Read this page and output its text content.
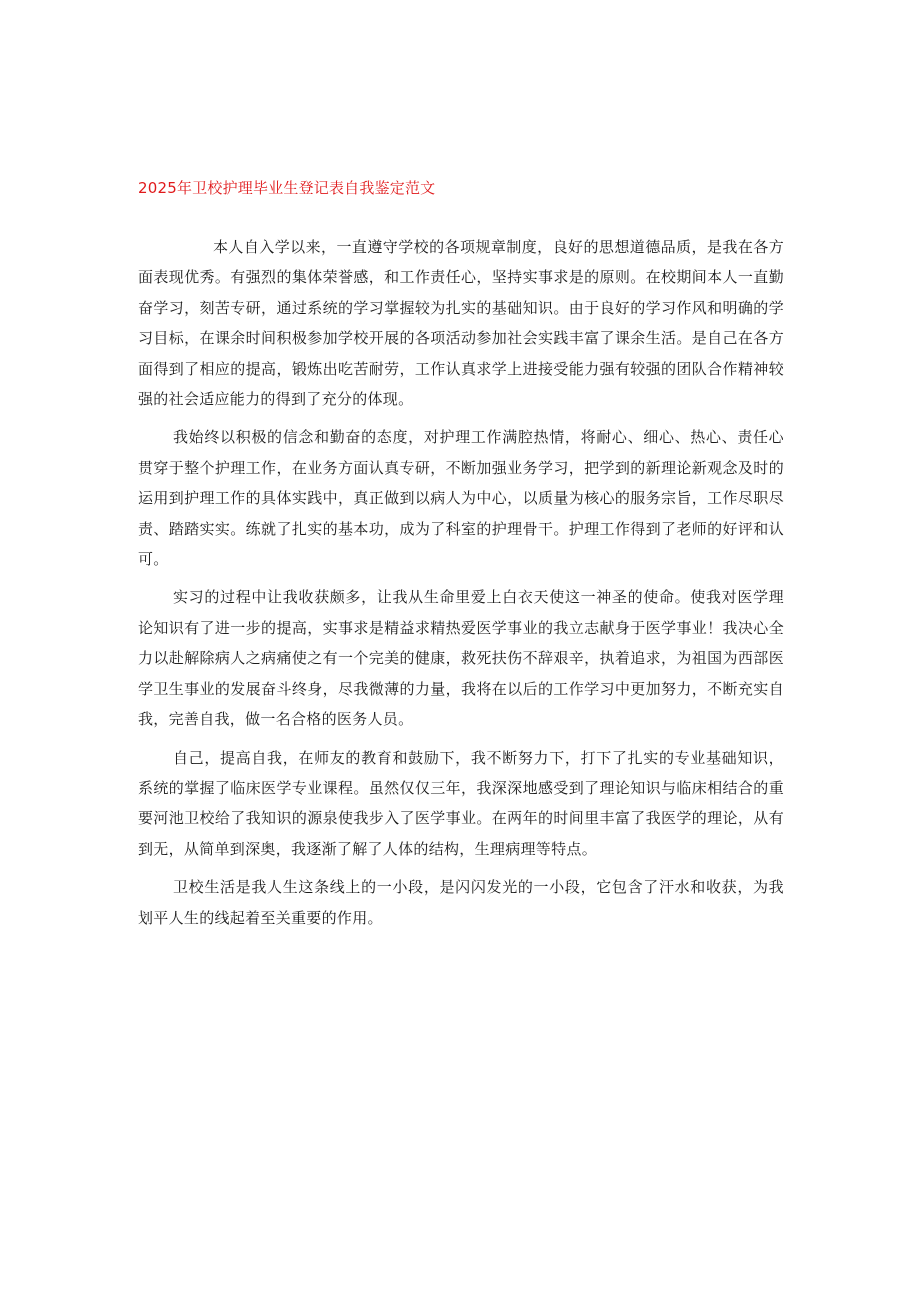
2025年卫校护理毕业生登记表自我鉴定范文

本人自入学以来，一直遵守学校的各项规章制度，良好的思想道德品质，是我在各方面表现优秀。有强烈的集体荣誉感，和工作责任心，坚持实事求是的原则。在校期间本人一直勤奋学习，刻苦专研，通过系统的学习掌握较为扎实的基础知识。由于良好的学习作风和明确的学习目标，在课余时间积极参加学校开展的各项活动参加社会实践丰富了课余生活。是自己在各方面得到了相应的提高，锻炼出吃苦耐劳，工作认真求学上进接受能力强有较强的团队合作精神较强的社会适应能力的得到了充分的体现。

我始终以积极的信念和勤奋的态度，对护理工作满腔热情，将耐心、细心、热心、责任心贯穿于整个护理工作，在业务方面认真专研，不断加强业务学习，把学到的新理论新观念及时的运用到护理工作的具体实践中，真正做到以病人为中心，以质量为核心的服务宗旨，工作尽职尽责、踏踏实实。练就了扎实的基本功，成为了科室的护理骨干。护理工作得到了老师的好评和认可。

实习的过程中让我收获颇多，让我从生命里爱上白衣天使这一神圣的使命。使我对医学理论知识有了进一步的提高，实事求是精益求精热爱医学事业的我立志献身于医学事业！我决心全力以赴解除病人之病痛使之有一个完美的健康，救死扶伤不辞艰辛，执着追求，为祖国为西部医学卫生事业的发展奋斗终身，尽我微薄的力量，我将在以后的工作学习中更加努力，不断充实自我，完善自我，做一名合格的医务人员。

自己，提高自我，在师友的教育和鼓励下，我不断努力下，打下了扎实的专业基础知识，系统的掌握了临床医学专业课程。虽然仅仅三年，我深深地感受到了理论知识与临床相结合的重要河池卫校给了我知识的源泉使我步入了医学事业。在两年的时间里丰富了我医学的理论，从有到无，从简单到深奥，我逐渐了解了人体的结构，生理病理等特点。

卫校生活是我人生这条线上的一小段，是闪闪发光的一小段，它包含了汗水和收获，为我划平人生的线起着至关重要的作用。
